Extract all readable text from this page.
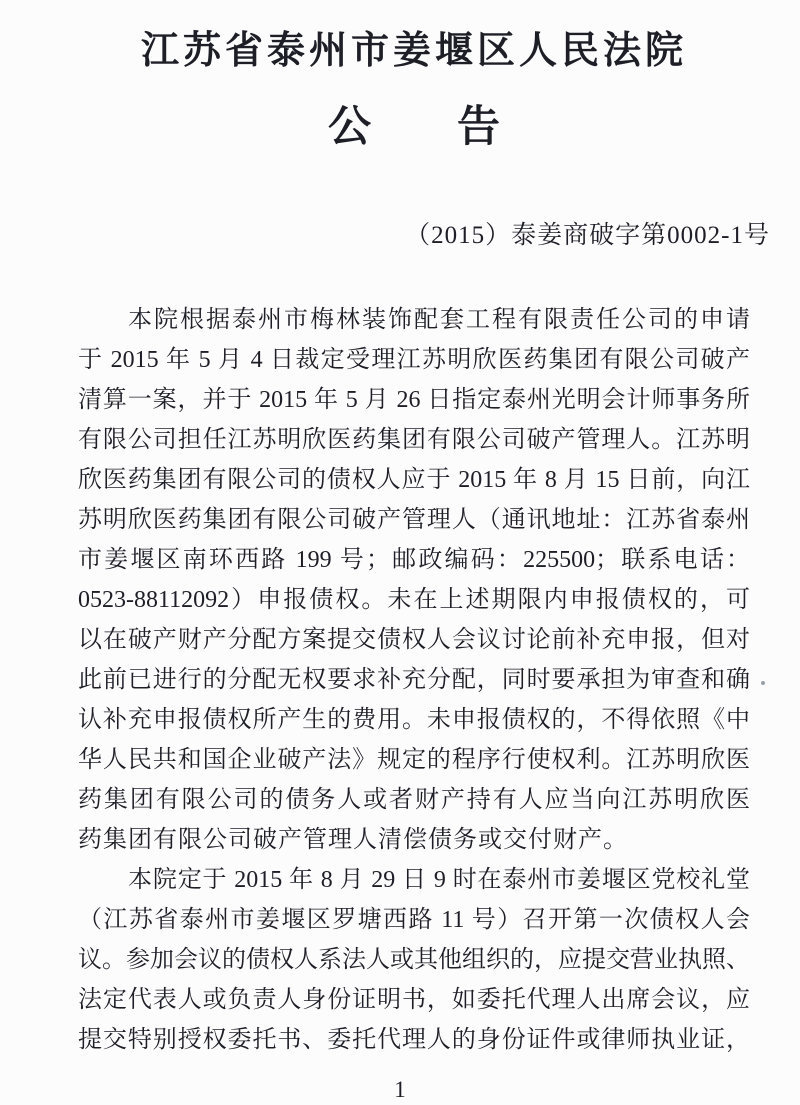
江苏省泰州市姜堰区人民法院
公　　告
（2015）泰姜商破字第0002-1号
本院根据泰州市梅林装饰配套工程有限责任公司的申请
于 2015 年 5 月 4 日裁定受理江苏明欣医药集团有限公司破产
清算一案，并于 2015 年 5 月 26 日指定泰州光明会计师事务所
有限公司担任江苏明欣医药集团有限公司破产管理人。江苏明
欣医药集团有限公司的债权人应于 2015 年 8 月 15 日前，向江
苏明欣医药集团有限公司破产管理人（通讯地址：江苏省泰州
市姜堰区南环西路 199 号；邮政编码：225500；联系电话：
0523-88112092）申报债权。未在上述期限内申报债权的，可
以在破产财产分配方案提交债权人会议讨论前补充申报，但对
此前已进行的分配无权要求补充分配，同时要承担为审查和确
认补充申报债权所产生的费用。未申报债权的，不得依照《中
华人民共和国企业破产法》规定的程序行使权利。江苏明欣医
药集团有限公司的债务人或者财产持有人应当向江苏明欣医
药集团有限公司破产管理人清偿债务或交付财产。
本院定于 2015 年 8 月 29 日 9 时在泰州市姜堰区党校礼堂
（江苏省泰州市姜堰区罗塘西路 11 号）召开第一次债权人会
议。参加会议的债权人系法人或其他组织的，应提交营业执照、
法定代表人或负责人身份证明书，如委托代理人出席会议，应
提交特别授权委托书、委托代理人的身份证件或律师执业证，
1
